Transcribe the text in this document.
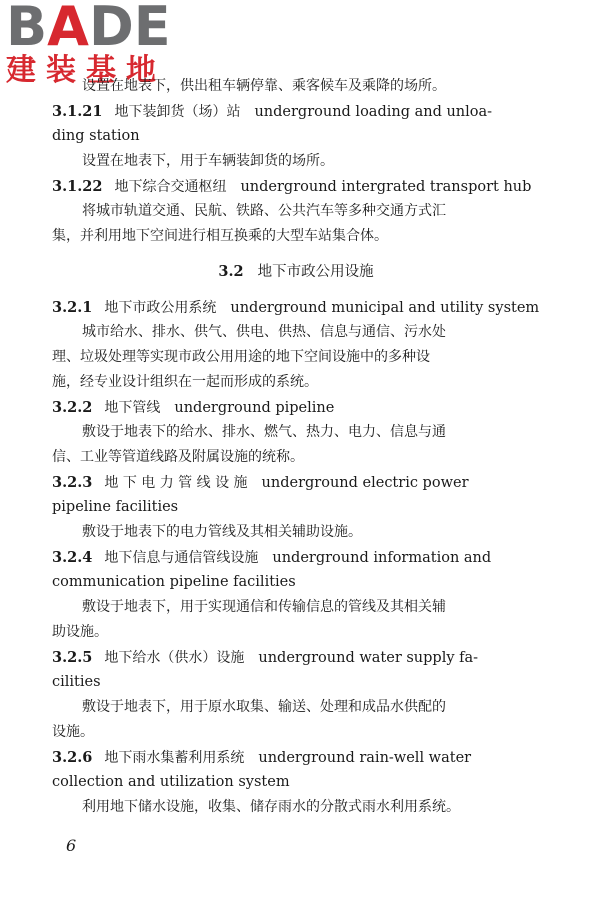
BADE
建装基地
设置在地表下，供出租车辆停靠、乘客候车及乘降的场所。
3.1.21 地下装卸货（场）站 underground loading and unloa-
ding station
设置在地表下，用于车辆装卸货的场所。
3.1.22 地下综合交通枢纽 underground intergrated transport hub
将城市轨道交通、民航、铁路、公共汽车等多种交通方式汇
集，并利用地下空间进行相互换乘的大型车站集合体。
3.2 地下市政公用设施
3.2.1 地下市政公用系统 underground municipal and utility system
城市给水、排水、供气、供电、供热、信息与通信、污水处
理、垃圾处理等实现市政公用用途的地下空间设施中的多种设
施，经专业设计组织在一起而形成的系统。
3.2.2 地下管线 underground pipeline
敷设于地表下的给水、排水、燃气、热力、电力、信息与通
信、工业等管道线路及附属设施的统称。
3.2.3 地 下 电 力 管 线 设 施 underground electric power
pipeline facilities
敷设于地表下的电力管线及其相关辅助设施。
3.2.4 地下信息与通信管线设施 underground information and
communication pipeline facilities
敷设于地表下，用于实现通信和传输信息的管线及其相关辅
助设施。
3.2.5 地下给水（供水）设施 underground water supply fa-
cilities
敷设于地表下，用于原水取集、输送、处理和成品水供配的
设施。
3.2.6 地下雨水集蓄利用系统 underground rain-well water
collection and utilization system
利用地下储水设施，收集、储存雨水的分散式雨水利用系统。
6
